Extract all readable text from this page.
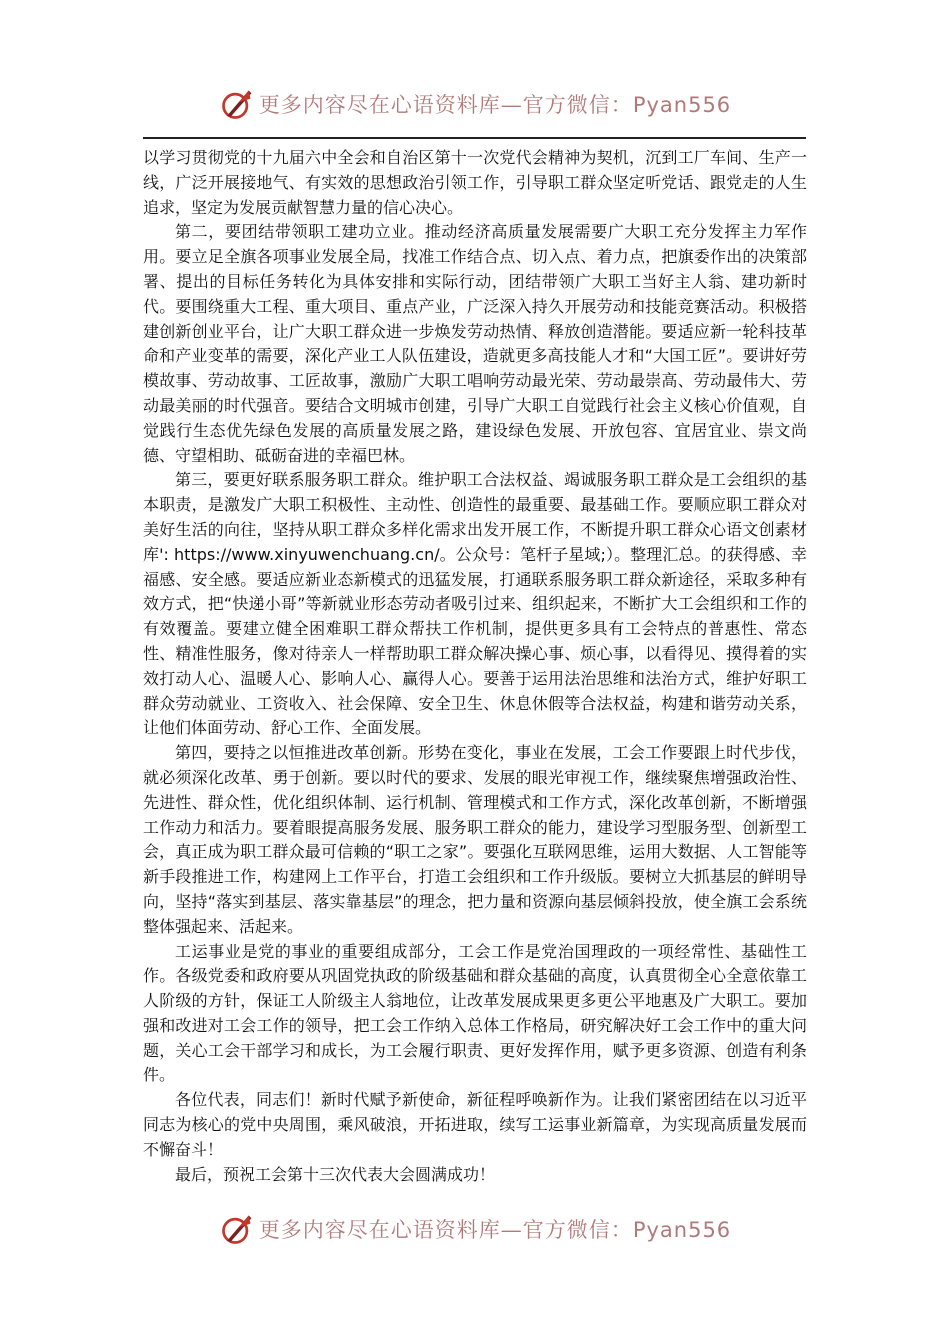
更多内容尽在心语资料库—官方微信：Pyan556

以学习贯彻党的十九届六中全会和自治区第十一次党代会精神为契机，沉到工厂车间、生产一线，广泛开展接地气、有实效的思想政治引领工作，引导职工群众坚定听党话、跟党走的人生追求，坚定为发展贡献智慧力量的信心决心。

第二，要团结带领职工建功立业。推动经济高质量发展需要广大职工充分发挥主力军作用。要立足全旗各项事业发展全局，找准工作结合点、切入点、着力点，把旗委作出的决策部署、提出的目标任务转化为具体安排和实际行动，团结带领广大职工当好主人翁、建功新时代。要围绕重大工程、重大项目、重点产业，广泛深入持久开展劳动和技能竞赛活动。积极搭建创新创业平台，让广大职工群众进一步焕发劳动热情、释放创造潜能。要适应新一轮科技革命和产业变革的需要，深化产业工人队伍建设，造就更多高技能人才和“大国工匠”。要讲好劳模故事、劳动故事、工匠故事，激励广大职工唱响劳动最光荣、劳动最崇高、劳动最伟大、劳动最美丽的时代强音。要结合文明城市创建，引导广大职工自觉践行社会主义核心价值观，自觉践行生态优先绿色发展的高质量发展之路，建设绿色发展、开放包容、宜居宜业、崇文尚德、守望相助、砥砺奋进的幸福巴林。

第三，要更好联系服务职工群众。维护职工合法权益、竭诚服务职工群众是工会组织的基本职责，是激发广大职工积极性、主动性、创造性的最重要、最基础工作。要顺应职工群众对美好生活的向往，坚持从职工群众多样化需求出发开展工作，不断提升职工群众心语文创素材库': https://www.xinyuwenchuang.cn/。公众号：笔杆子星域;）。整理汇总。的获得感、幸福感、安全感。要适应新业态新模式的迅猛发展，打通联系服务职工群众新途径，采取多种有效方式，把“快递小哥”等新就业形态劳动者吸引过来、组织起来，不断扩大工会组织和工作的有效覆盖。要建立健全困难职工群众帮扶工作机制，提供更多具有工会特点的普惠性、常态性、精准性服务，像对待亲人一样帮助职工群众解决操心事、烦心事，以看得见、摸得着的实效打动人心、温暖人心、影响人心、赢得人心。要善于运用法治思维和法治方式，维护好职工群众劳动就业、工资收入、社会保障、安全卫生、休息休假等合法权益，构建和谐劳动关系，让他们体面劳动、舒心工作、全面发展。

第四，要持之以恒推进改革创新。形势在变化，事业在发展，工会工作要跟上时代步伐，就必须深化改革、勇于创新。要以时代的要求、发展的眼光审视工作，继续聚焦增强政治性、先进性、群众性，优化组织体制、运行机制、管理模式和工作方式，深化改革创新，不断增强工作动力和活力。要着眼提高服务发展、服务职工群众的能力，建设学习型服务型、创新型工会，真正成为职工群众最可信赖的“职工之家”。要强化互联网思维，运用大数据、人工智能等新手段推进工作，构建网上工作平台，打造工会组织和工作升级版。要树立大抓基层的鲜明导向，坚持“落实到基层、落实靠基层”的理念，把力量和资源向基层倾斜投放，使全旗工会系统整体强起来、活起来。

工运事业是党的事业的重要组成部分，工会工作是党治国理政的一项经常性、基础性工作。各级党委和政府要从巩固党执政的阶级基础和群众基础的高度，认真贯彻全心全意依靠工人阶级的方针，保证工人阶级主人翁地位，让改革发展成果更多更公平地惠及广大职工。要加强和改进对工会工作的领导，把工会工作纳入总体工作格局，研究解决好工会工作中的重大问题，关心工会干部学习和成长，为工会履行职责、更好发挥作用，赋予更多资源、创造有利条件。

各位代表，同志们！新时代赋予新使命，新征程呼唤新作为。让我们紧密团结在以习近平同志为核心的党中央周围，乘风破浪，开拓进取，续写工运事业新篇章，为实现高质量发展而不懈奋斗！

最后，预祝工会第十三次代表大会圆满成功！

更多内容尽在心语资料库—官方微信：Pyan556
